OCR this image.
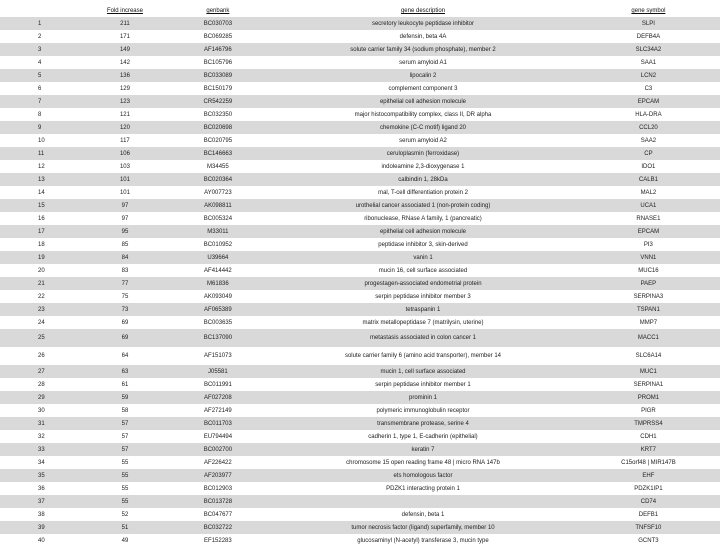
	Fold increase	genbank	gene description	gene symbol
1	211	BC030703	secretory leukocyte peptidase inhibitor	SLPI
2	171	BC069285	defensin, beta 4A	DEFB4A
3	149	AF146796	solute carrier family 34 (sodium phosphate), member 2	SLC34A2
4	142	BC105796	serum amyloid A1	SAA1
5	136	BC033089	lipocalin 2	LCN2
6	129	BC150179	complement component 3	C3
7	123	CR542259	epithelial cell adhesion molecule	EPCAM
8	121	BC032350	major histocompatibility complex, class II, DR alpha	HLA-DRA
9	120	BC020698	chemokine (C-C motif) ligand 20	CCL20
10	117	BC020795	serum amyloid A2	SAA2
11	106	BC146663	ceruloplasmin (ferroxidase)	CP
12	103	M34455	indoleamine 2,3-dioxygenase 1	IDO1
13	101	BC020364	calbindin 1, 28kDa	CALB1
14	101	AY007723	mal, T-cell differentiation protein 2	MAL2
15	97	AK098811	urothelial cancer associated 1 (non-protein coding)	UCA1
16	97	BC005324	ribonuclease, RNase A family, 1 (pancreatic)	RNASE1
17	95	M33011	epithelial cell adhesion molecule	EPCAM
18	85	BC010952	peptidase inhibitor 3, skin-derived	PI3
19	84	U39664	vanin 1	VNN1
20	83	AF414442	mucin 16, cell surface associated	MUC16
21	77	M61836	progestagen-associated endometrial protein	PAEP
22	75	AK093049	serpin peptidase inhibitor member 3	SERPINA3
23	73	AF065389	tetraspanin 1	TSPAN1
24	69	BC003635	matrix metallopeptidase 7 (matrilysin, uterine)	MMP7
25	69	BC137090	metastasis associated in colon cancer 1	MACC1
26	64	AF151073	solute carrier family 6 (amino acid transporter), member 14	SLC6A14
27	63	J05581	mucin 1, cell surface associated	MUC1
28	61	BC011991	serpin peptidase inhibitor member 1	SERPINA1
29	59	AF027208	prominin 1	PROM1
30	58	AF272149	polymeric immunoglobulin receptor	PIGR
31	57	BC011703	transmembrane protease, serine 4	TMPRSS4
32	57	EU794494	cadherin 1, type 1, E-cadherin (epithelial)	CDH1
33	57	BC002700	keratin 7	KRT7
34	55	AF226422	chromosome 15 open reading frame 48 | micro RNA 147b	C15orf48 | MIR147B
35	55	AF203977	ets homologous factor	EHF
36	55	BC012903	PDZK1 interacting protein 1	PDZK1IP1
37	55	BC013728		CD74
38	52	BC047677	defensin, beta 1	DEFB1
39	51	BC032722	tumor necrosis factor (ligand) superfamily, member 10	TNFSF10
40	49	EF152283	glucosaminyl (N-acetyl) transferase 3, mucin type	GCNT3
